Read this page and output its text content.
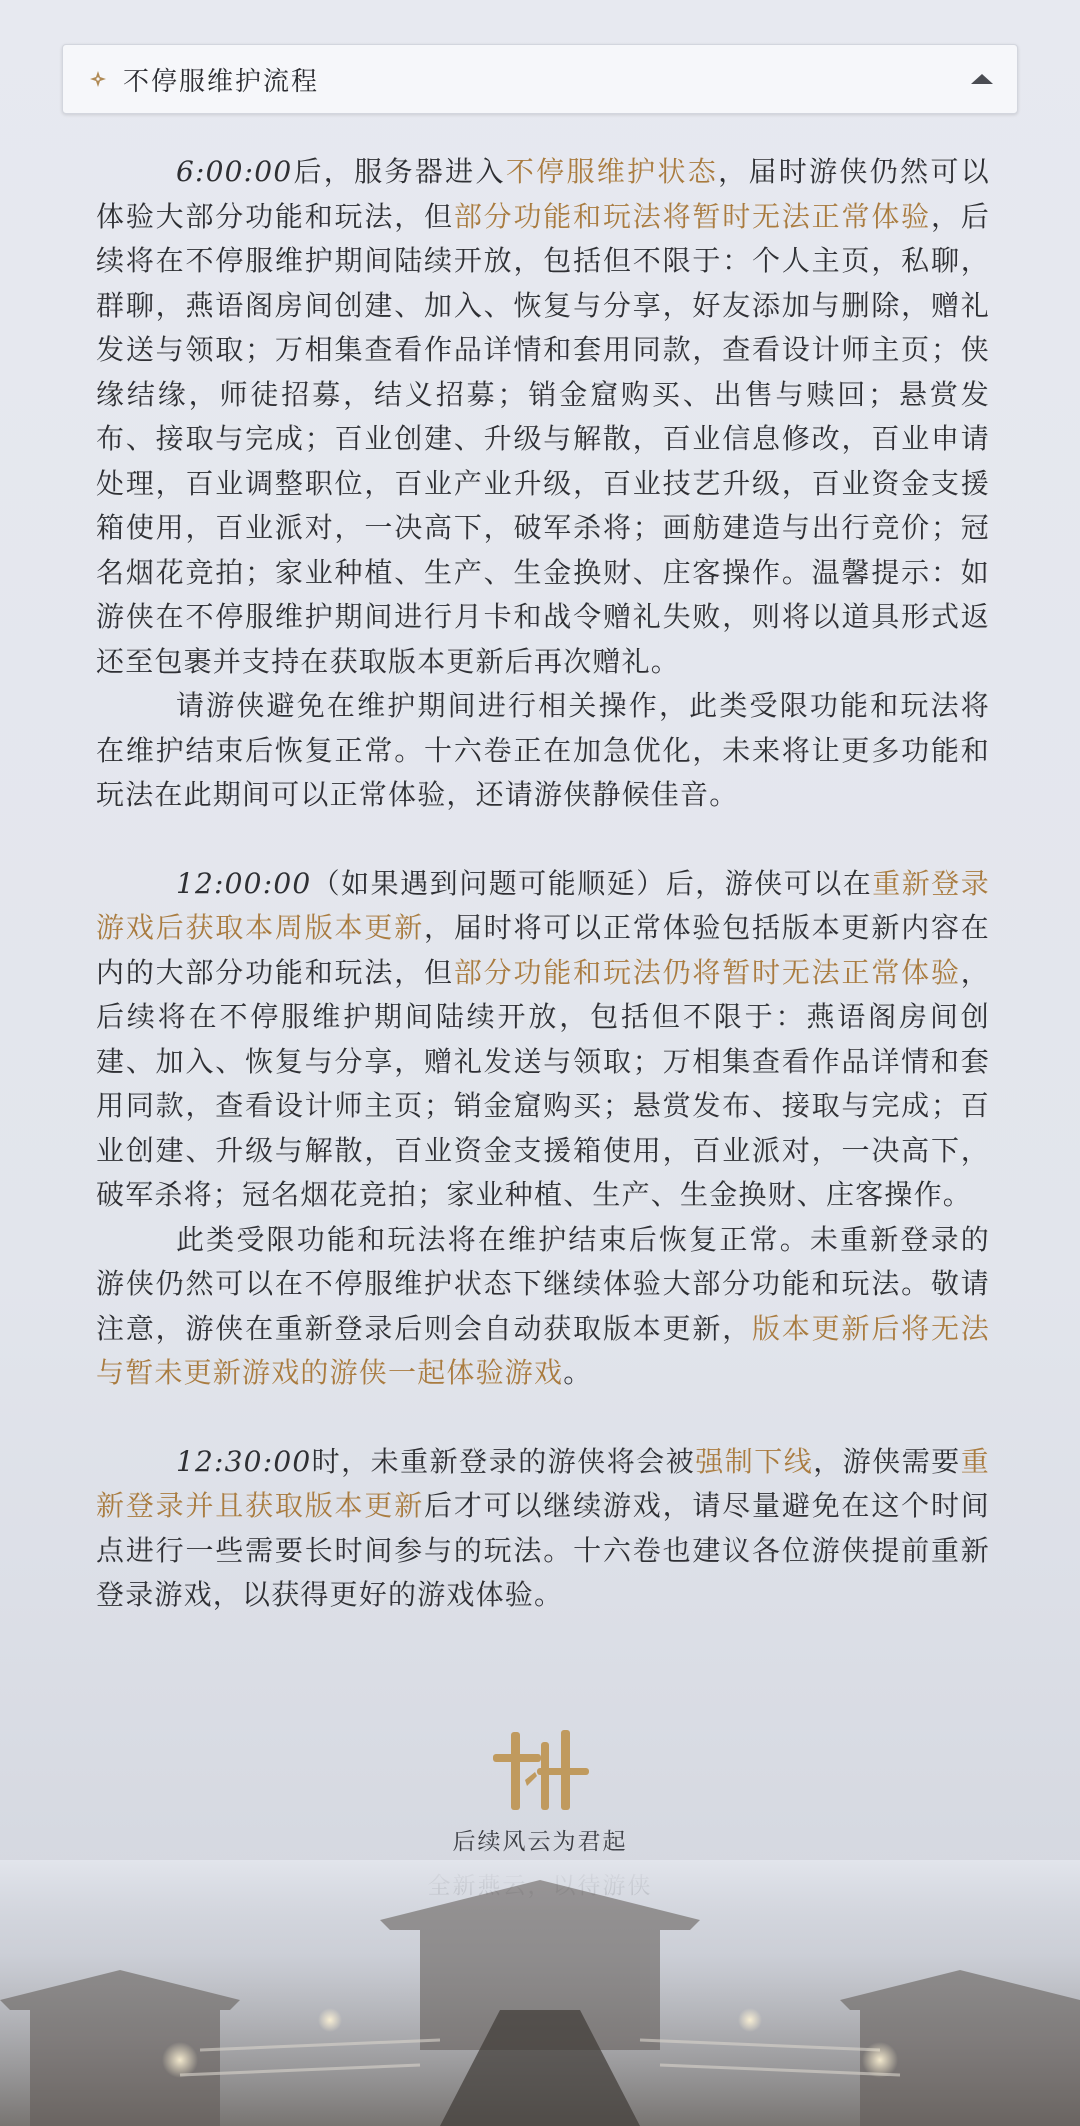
不停服维护流程

6:00:00后，服务器进入不停服维护状态，届时游侠仍然可以体验大部分功能和玩法，但部分功能和玩法将暂时无法正常体验，后续将在不停服维护期间陆续开放，包括但不限于：个人主页，私聊，群聊，燕语阁房间创建、加入、恢复与分享，好友添加与删除，赠礼发送与领取；万相集查看作品详情和套用同款，查看设计师主页；侠缘结缘，师徒招募，结义招募；销金窟购买、出售与赎回；悬赏发布、接取与完成；百业创建、升级与解散，百业信息修改，百业申请处理，百业调整职位，百业产业升级，百业技艺升级，百业资金支援箱使用，百业派对，一决高下，破军杀将；画舫建造与出行竞价；冠名烟花竞拍；家业种植、生产、生金换财、庄客操作。温馨提示：如游侠在不停服维护期间进行月卡和战令赠礼失败，则将以道具形式返还至包裹并支持在获取版本更新后再次赠礼。

请游侠避免在维护期间进行相关操作，此类受限功能和玩法将在维护结束后恢复正常。十六卷正在加急优化，未来将让更多功能和玩法在此期间可以正常体验，还请游侠静候佳音。

12:00:00（如果遇到问题可能顺延）后，游侠可以在重新登录游戏后获取本周版本更新，届时将可以正常体验包括版本更新内容在内的大部分功能和玩法，但部分功能和玩法仍将暂时无法正常体验，后续将在不停服维护期间陆续开放，包括但不限于：燕语阁房间创建、加入、恢复与分享，赠礼发送与领取；万相集查看作品详情和套用同款，查看设计师主页；销金窟购买；悬赏发布、接取与完成；百业创建、升级与解散，百业资金支援箱使用，百业派对，一决高下，破军杀将；冠名烟花竞拍；家业种植、生产、生金换财、庄客操作。

此类受限功能和玩法将在维护结束后恢复正常。未重新登录的游侠仍然可以在不停服维护状态下继续体验大部分功能和玩法。敬请注意，游侠在重新登录后则会自动获取版本更新，版本更新后将无法与暂未更新游戏的游侠一起体验游戏。

12:30:00时，未重新登录的游侠将会被强制下线，游侠需要重新登录并且获取版本更新后才可以继续游戏，请尽量避免在这个时间点进行一些需要长时间参与的玩法。十六卷也建议各位游侠提前重新登录游戏，以获得更好的游戏体验。

后续风云为君起
